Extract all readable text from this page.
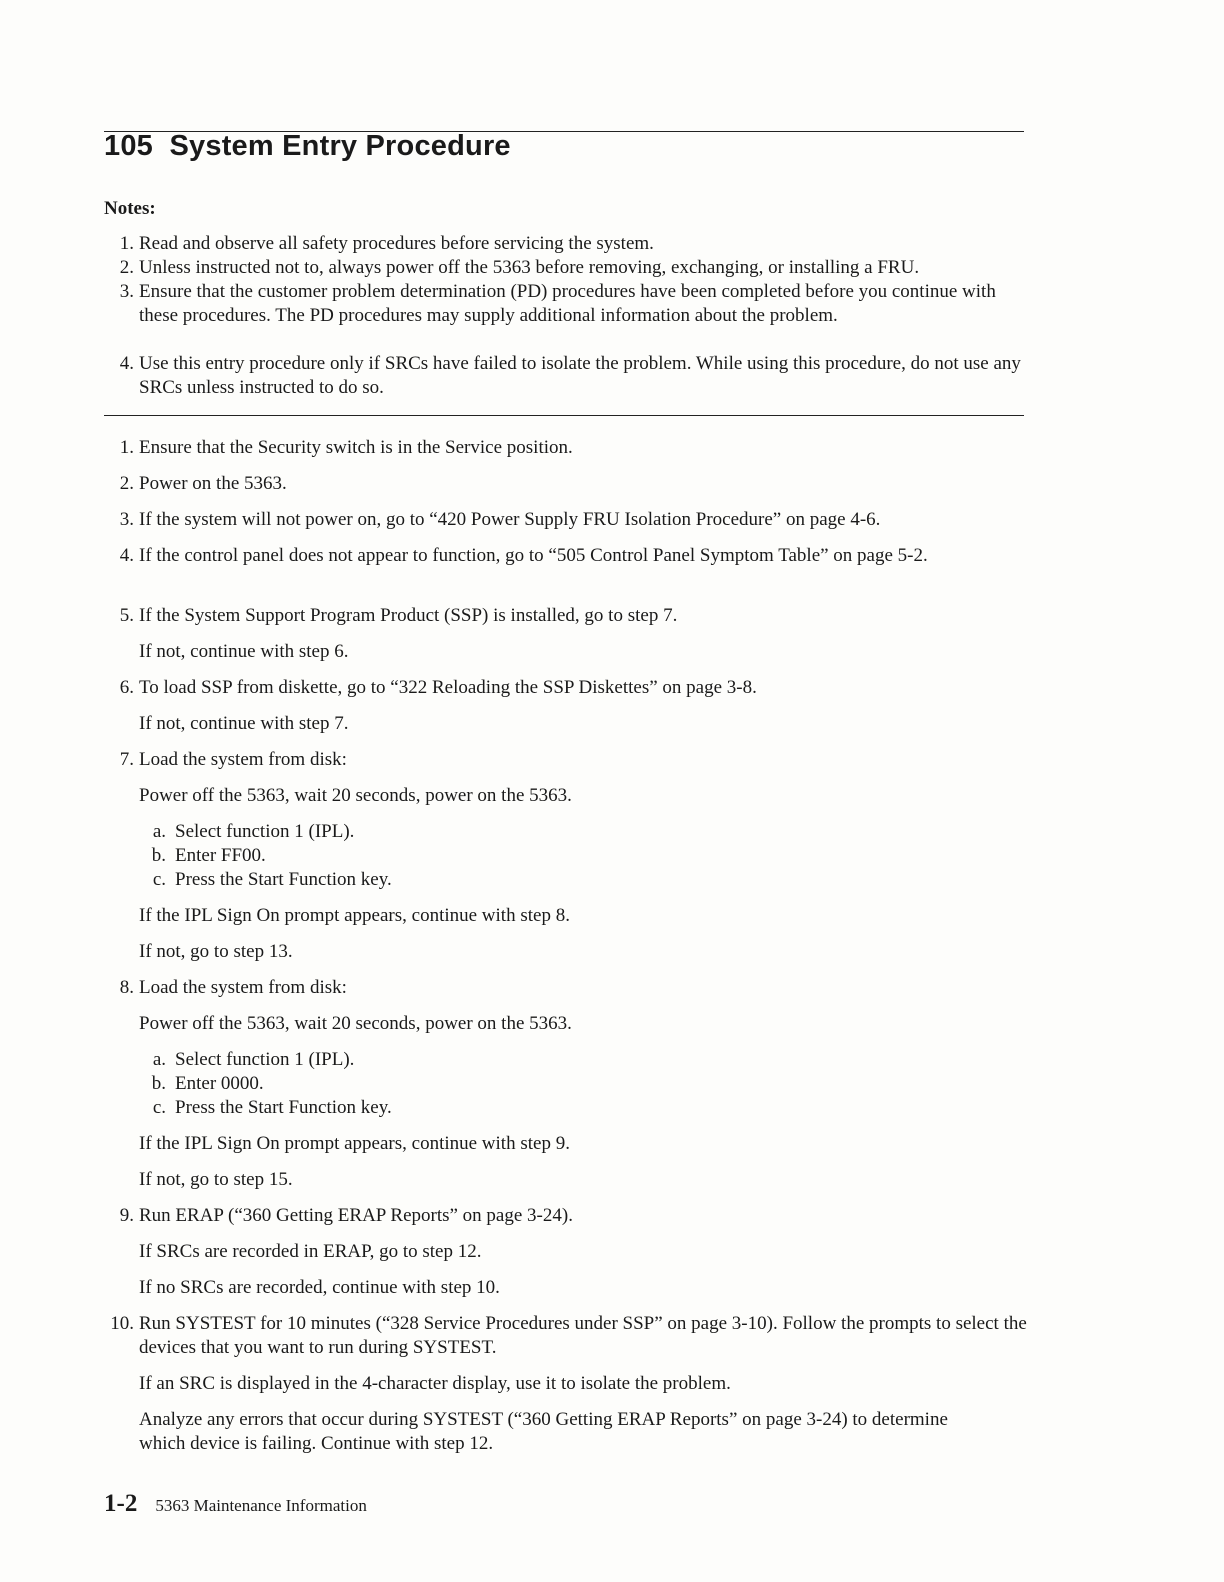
105  System Entry Procedure
Notes:
1. Read and observe all safety procedures before servicing the system.
2. Unless instructed not to, always power off the 5363 before removing, exchanging, or installing a FRU.
3. Ensure that the customer problem determination (PD) procedures have been completed before you continue with these procedures. The PD procedures may supply additional information about the problem.
4. Use this entry procedure only if SRCs have failed to isolate the problem. While using this procedure, do not use any SRCs unless instructed to do so.
1. Ensure that the Security switch is in the Service position.
2. Power on the 5363.
3. If the system will not power on, go to “420 Power Supply FRU Isolation Procedure” on page 4-6.
4. If the control panel does not appear to function, go to “505 Control Panel Symptom Table” on page 5-2.
5. If the System Support Program Product (SSP) is installed, go to step 7.
If not, continue with step 6.
6. To load SSP from diskette, go to “322 Reloading the SSP Diskettes” on page 3-8.
If not, continue with step 7.
7. Load the system from disk:
Power off the 5363, wait 20 seconds, power on the 5363.
a. Select function 1 (IPL).
b. Enter FF00.
c. Press the Start Function key.
If the IPL Sign On prompt appears, continue with step 8.
If not, go to step 13.
8. Load the system from disk:
Power off the 5363, wait 20 seconds, power on the 5363.
a. Select function 1 (IPL).
b. Enter 0000.
c. Press the Start Function key.
If the IPL Sign On prompt appears, continue with step 9.
If not, go to step 15.
9. Run ERAP (“360 Getting ERAP Reports” on page 3-24).
If SRCs are recorded in ERAP, go to step 12.
If no SRCs are recorded, continue with step 10.
10. Run SYSTEST for 10 minutes (“328 Service Procedures under SSP” on page 3-10). Follow the prompts to select the devices that you want to run during SYSTEST.
If an SRC is displayed in the 4-character display, use it to isolate the problem.
Analyze any errors that occur during SYSTEST (“360 Getting ERAP Reports” on page 3-24) to determine which device is failing. Continue with step 12.
1-2 5363 Maintenance Information
